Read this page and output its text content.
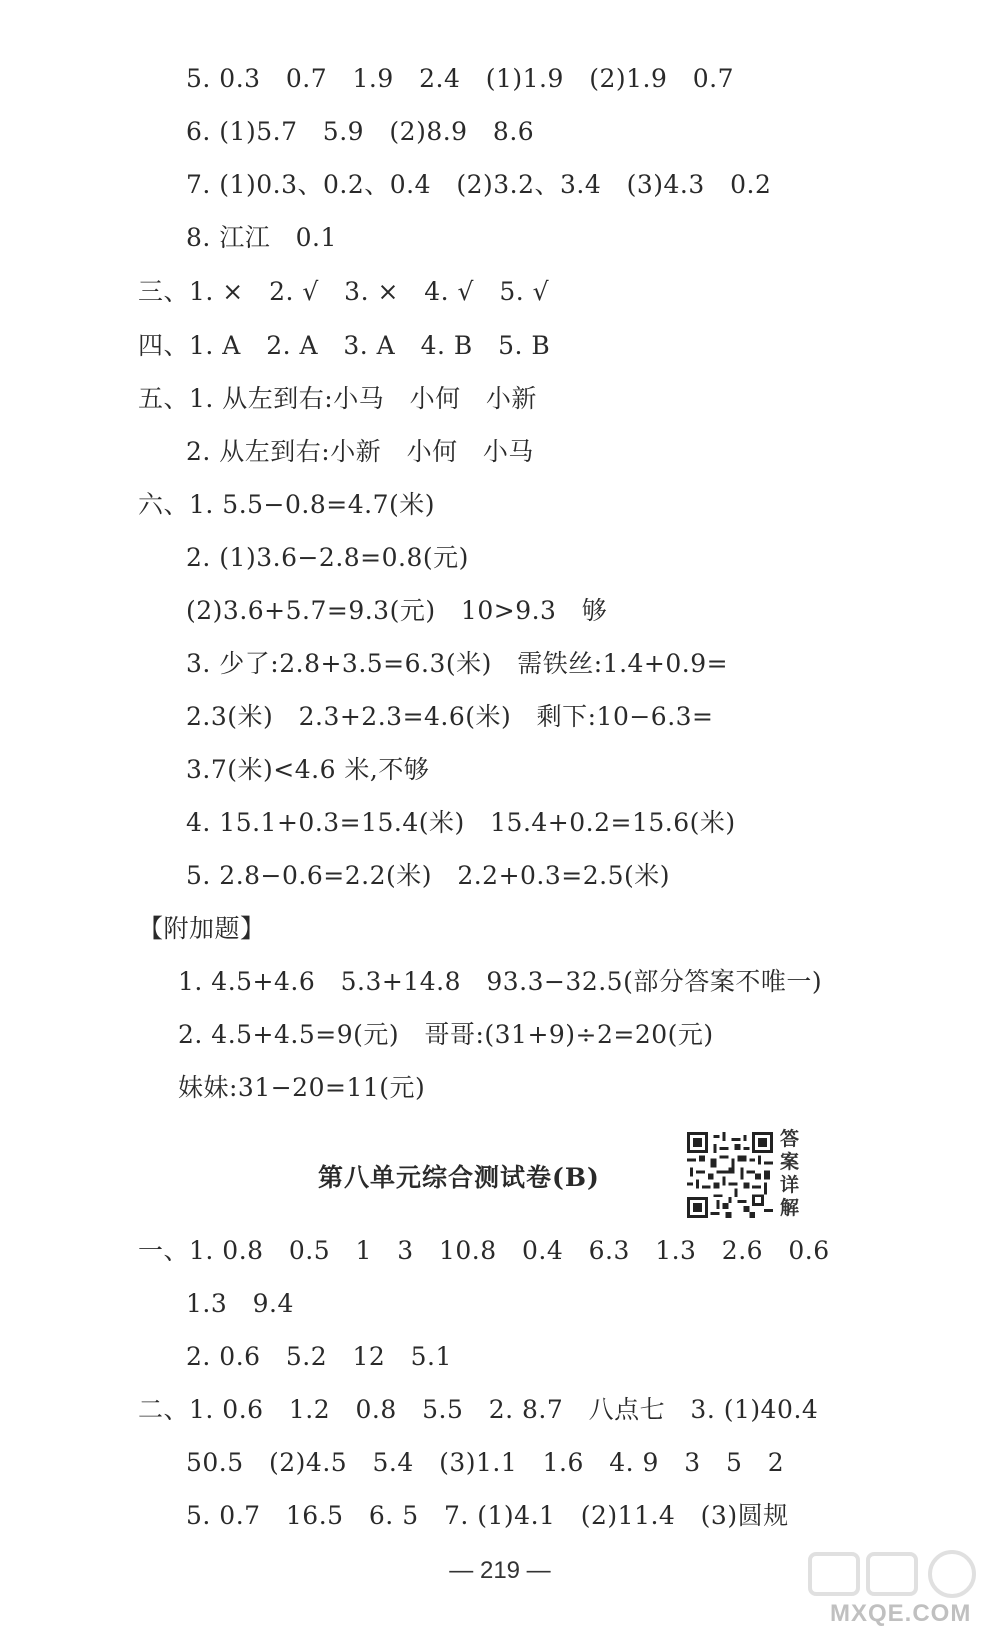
5. 0.3   0.7   1.9   2.4   (1)1.9   (2)1.9   0.7
6. (1)5.7   5.9   (2)8.9   8.6
7. (1)0.3、0.2、0.4   (2)3.2、3.4   (3)4.3   0.2
8. 江江   0.1
三、1. ×   2. √   3. ×   4. √   5. √
四、1. A   2. A   3. A   4. B   5. B
五、1. 从左到右:小马   小何   小新
2. 从左到右:小新   小何   小马
六、1. 5.5−0.8=4.7(米)
2. (1)3.6−2.8=0.8(元)
(2)3.6+5.7=9.3(元)   10>9.3   够
3. 少了:2.8+3.5=6.3(米)   需铁丝:1.4+0.9=
2.3(米)   2.3+2.3=4.6(米)   剩下:10−6.3=
3.7(米)<4.6 米,不够
4. 15.1+0.3=15.4(米)   15.4+0.2=15.6(米)
5. 2.8−0.6=2.2(米)   2.2+0.3=2.5(米)
【附加题】
1. 4.5+4.6   5.3+14.8   93.3−32.5(部分答案不唯一)
2. 4.5+4.5=9(元)   哥哥:(31+9)÷2=20(元)
妹妹:31−20=11(元)
一、1. 0.8   0.5   1   3   10.8   0.4   6.3   1.3   2.6   0.6
1.3   9.4
2. 0.6   5.2   12   5.1
二、1. 0.6   1.2   0.8   5.5   2. 8.7   八点七   3. (1)40.4
50.5   (2)4.5   5.4   (3)1.1   1.6   4. 9   3   5   2
5. 0.7   16.5   6. 5   7. (1)4.1   (2)11.4   (3)圆规
第八单元综合测试卷(B)
答案详解
— 219 —
MXQE.COM
